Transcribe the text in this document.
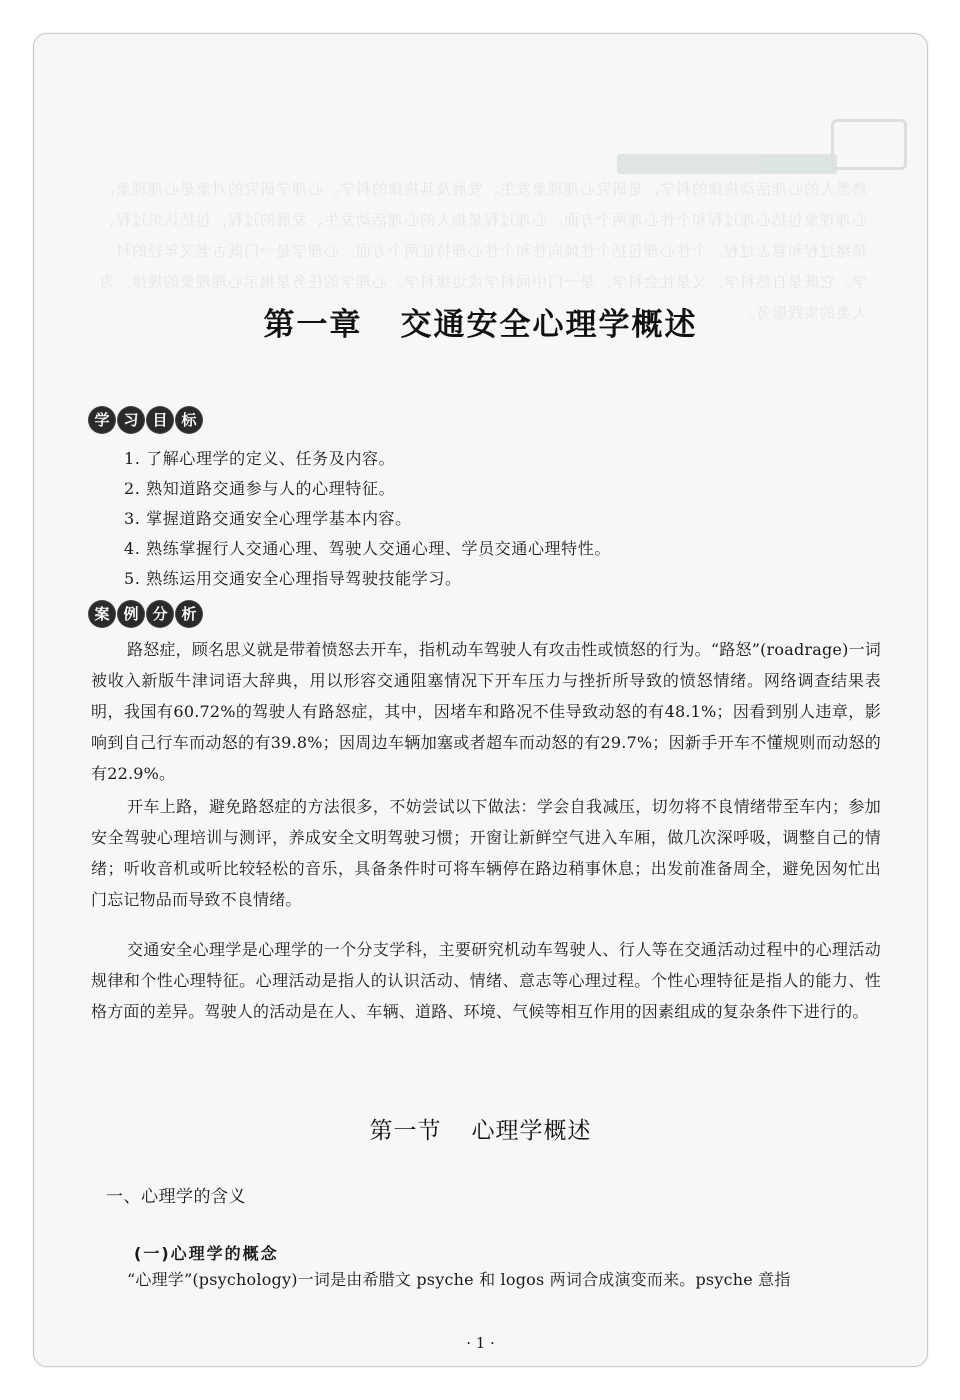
熟悉人的心理活动规律的科学，是研究心理现象发生、发展及其规律的科学。心理学研究的对象是心理现象，心理现象包括心理过程和个性心理两个方面。心理过程是指人的心理活动发生、发展的过程，包括认识过程、情绪过程和意志过程。个性心理包括个性倾向性和个性心理特征两个方面。心理学是一门既古老又年轻的科学。它既是自然科学，又是社会科学，是一门中间科学或边缘科学。心理学的任务是揭示心理现象的规律，为人类的实践服务。
第一章 交通安全心理学概述
学 习 目 标
1. 了解心理学的定义、任务及内容。
2. 熟知道路交通参与人的心理特征。
3. 掌握道路交通安全心理学基本内容。
4. 熟练掌握行人交通心理、驾驶人交通心理、学员交通心理特性。
5. 熟练运用交通安全心理指导驾驶技能学习。
案 例 分 析

路怒症，顾名思义就是带着愤怒去开车，指机动车驾驶人有攻击性或愤怒的行为。“路怒”(roadrage)一词被收入新版牛津词语大辞典，用以形容交通阻塞情况下开车压力与挫折所导致的愤怒情绪。网络调查结果表明，我国有60.72%的驾驶人有路怒症，其中，因堵车和路况不佳导致动怒的有48.1%；因看到别人违章，影响到自己行车而动怒的有39.8%；因周边车辆加塞或者超车而动怒的有29.7%；因新手开车不懂规则而动怒的有22.9%。

开车上路，避免路怒症的方法很多，不妨尝试以下做法：学会自我减压，切勿将不良情绪带至车内；参加安全驾驶心理培训与测评，养成安全文明驾驶习惯；开窗让新鲜空气进入车厢，做几次深呼吸，调整自己的情绪；听收音机或听比较轻松的音乐，具备条件时可将车辆停在路边稍事休息；出发前准备周全，避免因匆忙出门忘记物品而导致不良情绪。

交通安全心理学是心理学的一个分支学科，主要研究机动车驾驶人、行人等在交通活动过程中的心理活动规律和个性心理特征。心理活动是指人的认识活动、情绪、意志等心理过程。个性心理特征是指人的能力、性格方面的差异。驾驶人的活动是在人、车辆、道路、环境、气候等相互作用的因素组成的复杂条件下进行的。

第一节 心理学概述
一、心理学的含义
(一)心理学的概念

“心理学”(psychology)一词是由希腊文 psyche 和 logos 两词合成演变而来。psyche 意指

· 1 ·
